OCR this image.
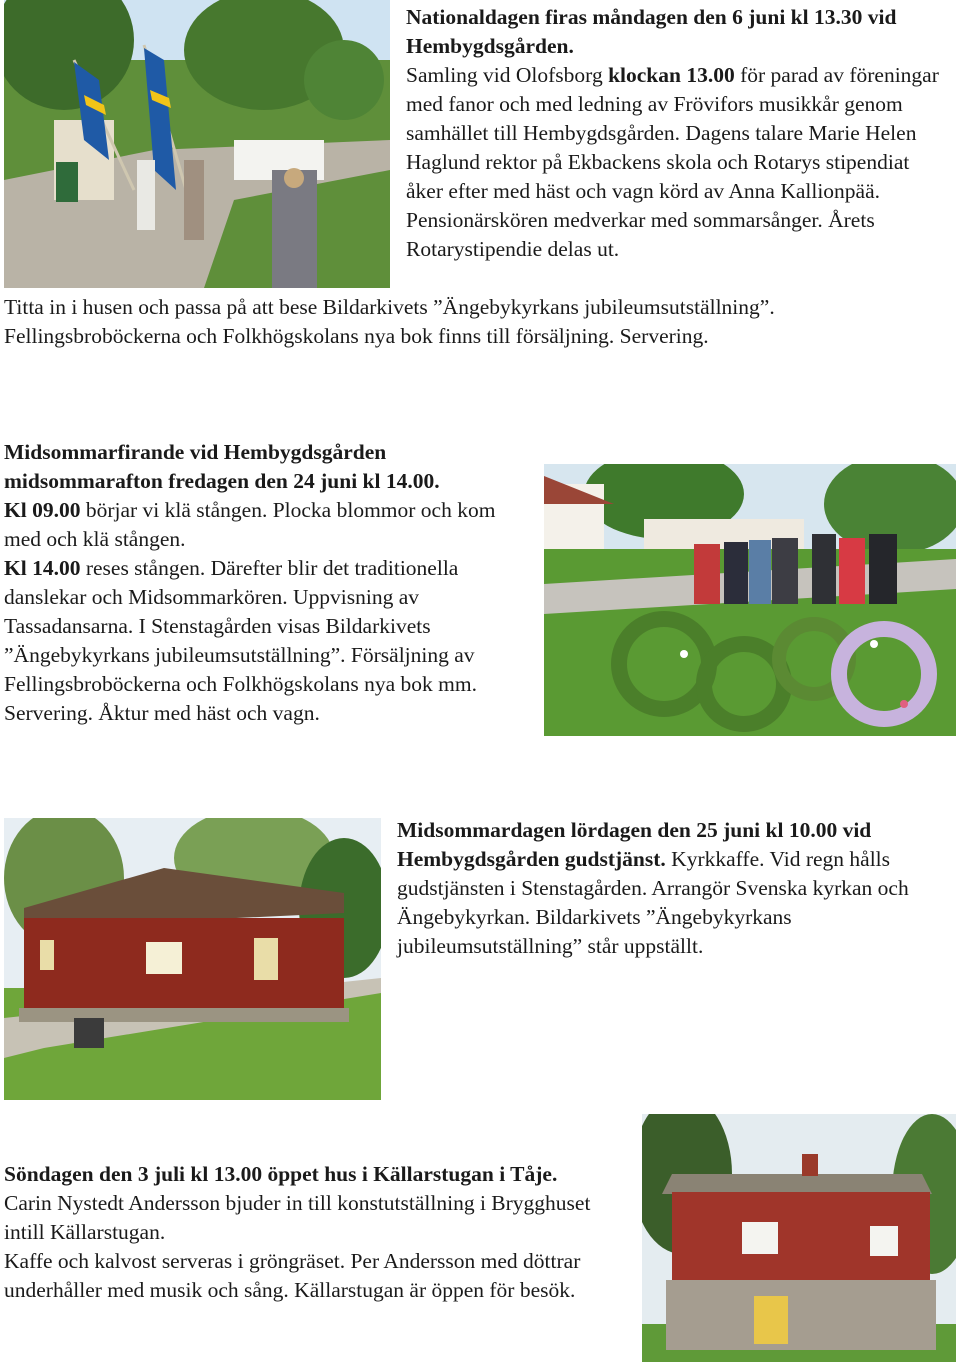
Nationaldagen firas måndagen den 6 juni kl 13.30 vid Hembygdsgården.

Samling vid Olofsborg klockan 13.00 för parad av föreningar med fanor och med ledning av Frövifors musikkår genom samhället till Hembygdsgården. Dagens talare Marie Helen Haglund rektor på Ekbackens skola och Rotarys stipendiat åker efter med häst och vagn körd av Anna Kallionpää. Pensionärskören medverkar med sommarsånger. Årets Rotarystipendie delas ut.

Titta in i husen och passa på att bese Bildarkivets ”Ängebykyrkans jubileumsutställning”. Fellingsbroböckerna och Folkhögskolans nya bok finns till försäljning. Servering.

Midsommarfirande vid Hembygdsgården midsommarafton fredagen den 24 juni kl 14.00.

Kl 09.00 börjar vi klä stången. Plocka blommor och kom med och klä stången.

Kl 14.00 reses stången. Därefter blir det traditionella danslekar och Midsommarkören. Uppvisning av Tassadansarna. I Stenstagården visas Bildarkivets ”Ängebykyrkans jubileumsutställning”. Försäljning av Fellingsbroböckerna och Folkhögskolans nya bok mm. Servering. Åktur med häst och vagn.

Midsommardagen lördagen den 25 juni kl 10.00 vid Hembygdsgården gudstjänst. Kyrkkaffe. Vid regn hålls gudstjänsten i Stenstagården. Arrangör Svenska kyrkan och Ängebykyrkan. Bildarkivets ”Ängebykyrkans jubileumsutställning” står uppställt.

Söndagen den 3 juli kl 13.00 öppet hus i Källarstugan i Tåje.

Carin Nystedt Andersson bjuder in till konstutställning i Brygghuset intill Källarstugan.

Kaffe och kalvost serveras i gröngräset. Per Andersson med döttrar underhåller med musik och sång. Källarstugan är öppen för besök.
